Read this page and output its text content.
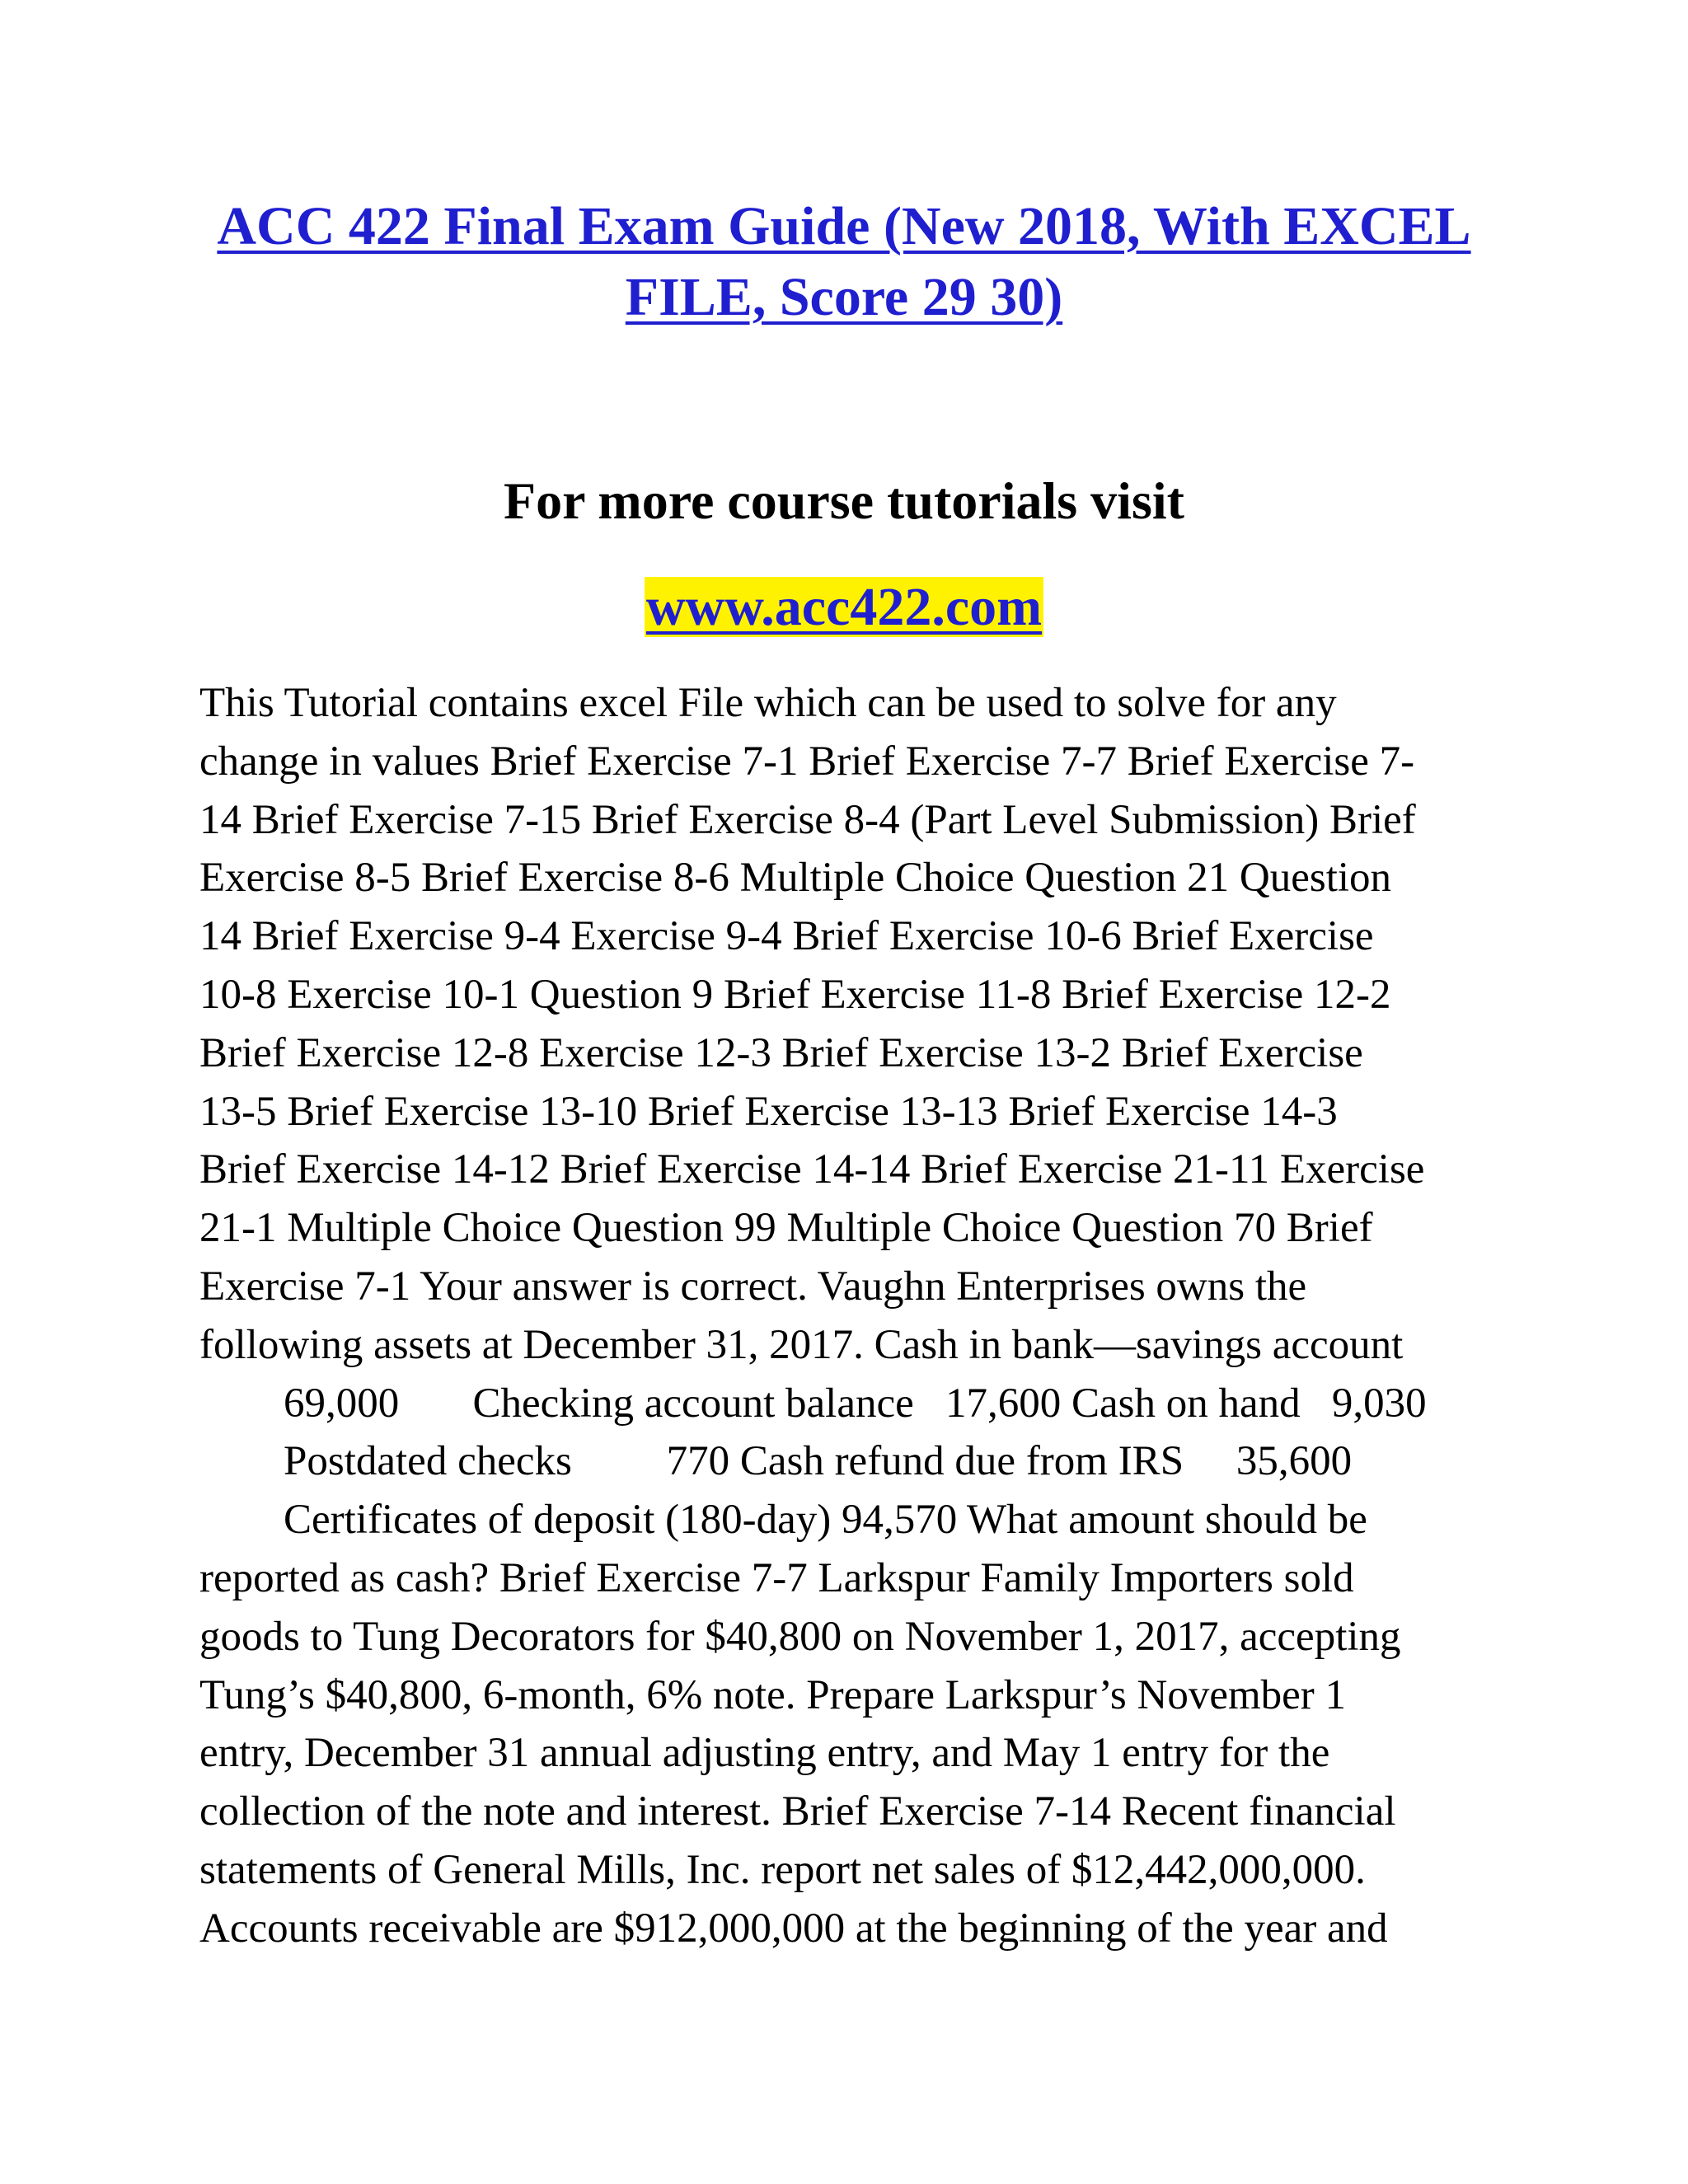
ACC 422 Final Exam Guide (New 2018, With EXCEL
FILE, Score 29 30)
For more course tutorials visit
www.acc422.com

This Tutorial contains excel File which can be used to solve for any
change in values Brief Exercise 7-1 Brief Exercise 7-7 Brief Exercise 7-
14 Brief Exercise 7-15 Brief Exercise 8-4 (Part Level Submission) Brief
Exercise 8-5 Brief Exercise 8-6 Multiple Choice Question 21 Question
14 Brief Exercise 9-4 Exercise 9-4 Brief Exercise 10-6 Brief Exercise
10-8 Exercise 10-1 Question 9 Brief Exercise 11-8 Brief Exercise 12-2
Brief Exercise 12-8 Exercise 12-3 Brief Exercise 13-2 Brief Exercise
13-5 Brief Exercise 13-10 Brief Exercise 13-13 Brief Exercise 14-3
Brief Exercise 14-12 Brief Exercise 14-14 Brief Exercise 21-11 Exercise
21-1 Multiple Choice Question 99 Multiple Choice Question 70 Brief
Exercise 7-1 Your answer is correct. Vaughn Enterprises owns the
following assets at December 31, 2017. Cash in bank—savings account
69,000       Checking account balance   17,600 Cash on hand   9,030
Postdated checks         770 Cash refund due from IRS     35,600
Certificates of deposit (180-day) 94,570 What amount should be
reported as cash? Brief Exercise 7-7 Larkspur Family Importers sold
goods to Tung Decorators for $40,800 on November 1, 2017, accepting
Tung’s $40,800, 6-month, 6% note. Prepare Larkspur’s November 1
entry, December 31 annual adjusting entry, and May 1 entry for the
collection of the note and interest. Brief Exercise 7-14 Recent financial
statements of General Mills, Inc. report net sales of $12,442,000,000.
Accounts receivable are $912,000,000 at the beginning of the year and
